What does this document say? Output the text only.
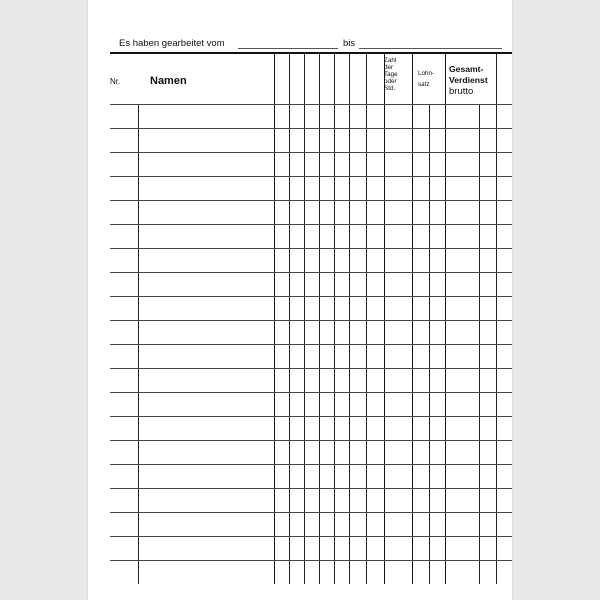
Es haben gearbeitet vom	bis
Nr.	Namen
Zahl
der
Tage
oder
Std.
Lohn-
satz
Gesamt-
Verdienst
brutto
